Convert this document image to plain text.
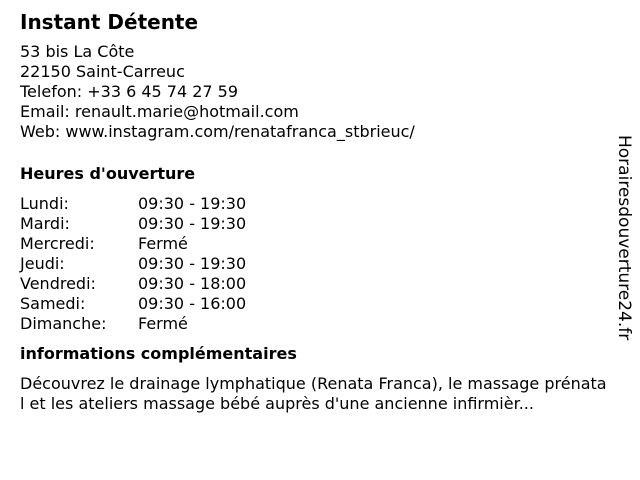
Instant Détente
53 bis La Côte
22150 Saint-Carreuc
Telefon: +33 6 45 74 27 59
Email: renault.marie@hotmail.com
Web: www.instagram.com/renatafranca_stbrieuc/
Heures d'ouverture
Lundi:	09:30 - 19:30
Mardi:	09:30 - 19:30
Mercredi:	Fermé
Jeudi:	09:30 - 19:30
Vendredi:	09:30 - 18:00
Samedi:	09:30 - 16:00
Dimanche:	Fermé
informations complémentaires
Découvrez le drainage lymphatique (Renata Franca), le massage prénatal et les ateliers massage bébé auprès d'une ancienne infirmièr...
Horairesdouverture24.fr
